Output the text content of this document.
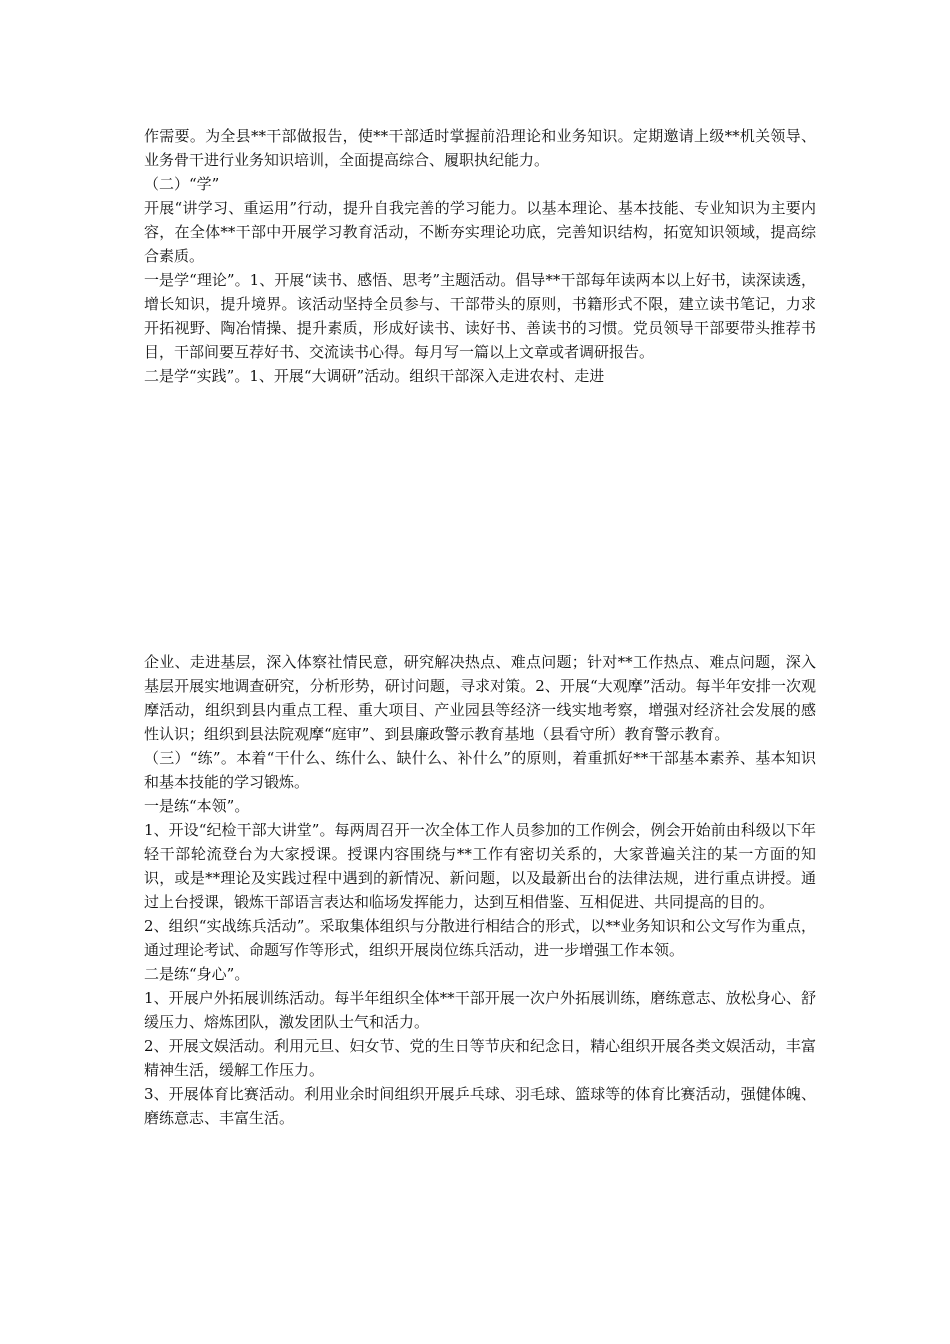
作需要。为全县**干部做报告，使**干部适时掌握前沿理论和业务知识。定期邀请上级**机关领导、业务骨干进行业务知识培训，全面提高综合、履职执纪能力。

（二）“学”

开展“讲学习、重运用”行动，提升自我完善的学习能力。以基本理论、基本技能、专业知识为主要内容，在全体**干部中开展学习教育活动，不断夯实理论功底，完善知识结构，拓宽知识领域，提高综合素质。

一是学“理论”。1、开展“读书、感悟、思考”主题活动。倡导**干部每年读两本以上好书，读深读透，增长知识，提升境界。该活动坚持全员参与、干部带头的原则，书籍形式不限，建立读书笔记，力求开拓视野、陶冶情操、提升素质，形成好读书、读好书、善读书的习惯。党员领导干部要带头推荐书目，干部间要互荐好书、交流读书心得。每月写一篇以上文章或者调研报告。

二是学“实践”。1、开展“大调研”活动。组织干部深入走进农村、走进

企业、走进基层，深入体察社情民意，研究解决热点、难点问题；针对**工作热点、难点问题，深入基层开展实地调查研究，分析形势，研讨问题，寻求对策。2、开展“大观摩”活动。每半年安排一次观摩活动，组织到县内重点工程、重大项目、产业园县等经济一线实地考察，增强对经济社会发展的感性认识；组织到县法院观摩“庭审”、到县廉政警示教育基地（县看守所）教育警示教育。

（三）“练”。本着“干什么、练什么、缺什么、补什么”的原则，着重抓好**干部基本素养、基本知识和基本技能的学习锻炼。

一是练“本领”。

1、开设“纪检干部大讲堂”。每两周召开一次全体工作人员参加的工作例会，例会开始前由科级以下年轻干部轮流登台为大家授课。授课内容围绕与**工作有密切关系的，大家普遍关注的某一方面的知识，或是**理论及实践过程中遇到的新情况、新问题，以及最新出台的法律法规，进行重点讲授。通过上台授课，锻炼干部语言表达和临场发挥能力，达到互相借鉴、互相促进、共同提高的目的。

2、组织“实战练兵活动”。采取集体组织与分散进行相结合的形式，以**业务知识和公文写作为重点，通过理论考试、命题写作等形式，组织开展岗位练兵活动，进一步增强工作本领。

二是练“身心”。

1、开展户外拓展训练活动。每半年组织全体**干部开展一次户外拓展训练，磨练意志、放松身心、舒缓压力、熔炼团队，激发团队士气和活力。

2、开展文娱活动。利用元旦、妇女节、党的生日等节庆和纪念日，精心组织开展各类文娱活动，丰富精神生活，缓解工作压力。

3、开展体育比赛活动。利用业余时间组织开展乒乓球、羽毛球、篮球等的体育比赛活动，强健体魄、磨练意志、丰富生活。
